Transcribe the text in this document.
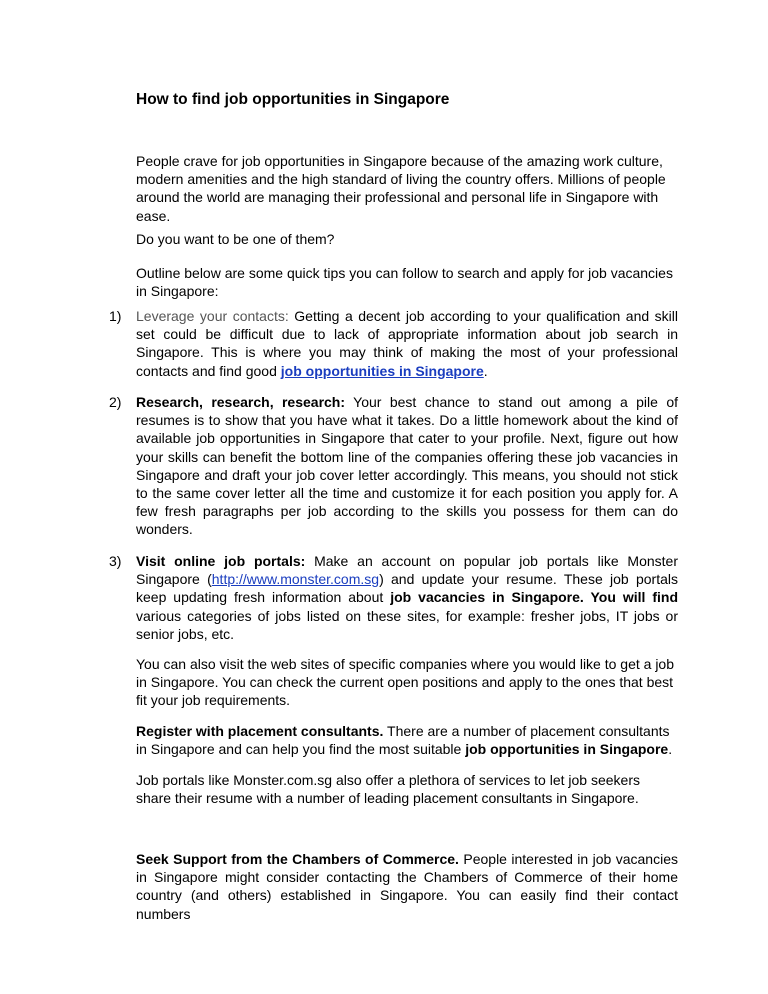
How to find job opportunities in Singapore

People crave for job opportunities in Singapore because of the amazing work culture, modern amenities and the high standard of living the country offers. Millions of people around the world are managing their professional and personal life in Singapore with ease.

Do you want to be one of them?

Outline below are some quick tips you can follow to search and apply for job vacancies in Singapore:

1) Leverage your contacts: Getting a decent job according to your qualification and skill set could be difficult due to lack of appropriate information about job search in Singapore. This is where you may think of making the most of your professional contacts and find good job opportunities in Singapore.

2) Research, research, research: Your best chance to stand out among a pile of resumes is to show that you have what it takes. Do a little homework about the kind of available job opportunities in Singapore that cater to your profile. Next, figure out how your skills can benefit the bottom line of the companies offering these job vacancies in Singapore and draft your job cover letter accordingly. This means, you should not stick to the same cover letter all the time and customize it for each position you apply for. A few fresh paragraphs per job according to the skills you possess for them can do wonders.

3) Visit online job portals: Make an account on popular job portals like Monster Singapore (http://www.monster.com.sg) and update your resume. These job portals keep updating fresh information about job vacancies in Singapore. You will find various categories of jobs listed on these sites, for example: fresher jobs, IT jobs or senior jobs, etc.

You can also visit the web sites of specific companies where you would like to get a job in Singapore. You can check the current open positions and apply to the ones that best fit your job requirements.

Register with placement consultants. There are a number of placement consultants in Singapore and can help you find the most suitable job opportunities in Singapore.

Job portals like Monster.com.sg also offer a plethora of services to let job seekers share their resume with a number of leading placement consultants in Singapore.

Seek Support from the Chambers of Commerce. People interested in job vacancies in Singapore might consider contacting the Chambers of Commerce of their home country (and others) established in Singapore. You can easily find their contact numbers
